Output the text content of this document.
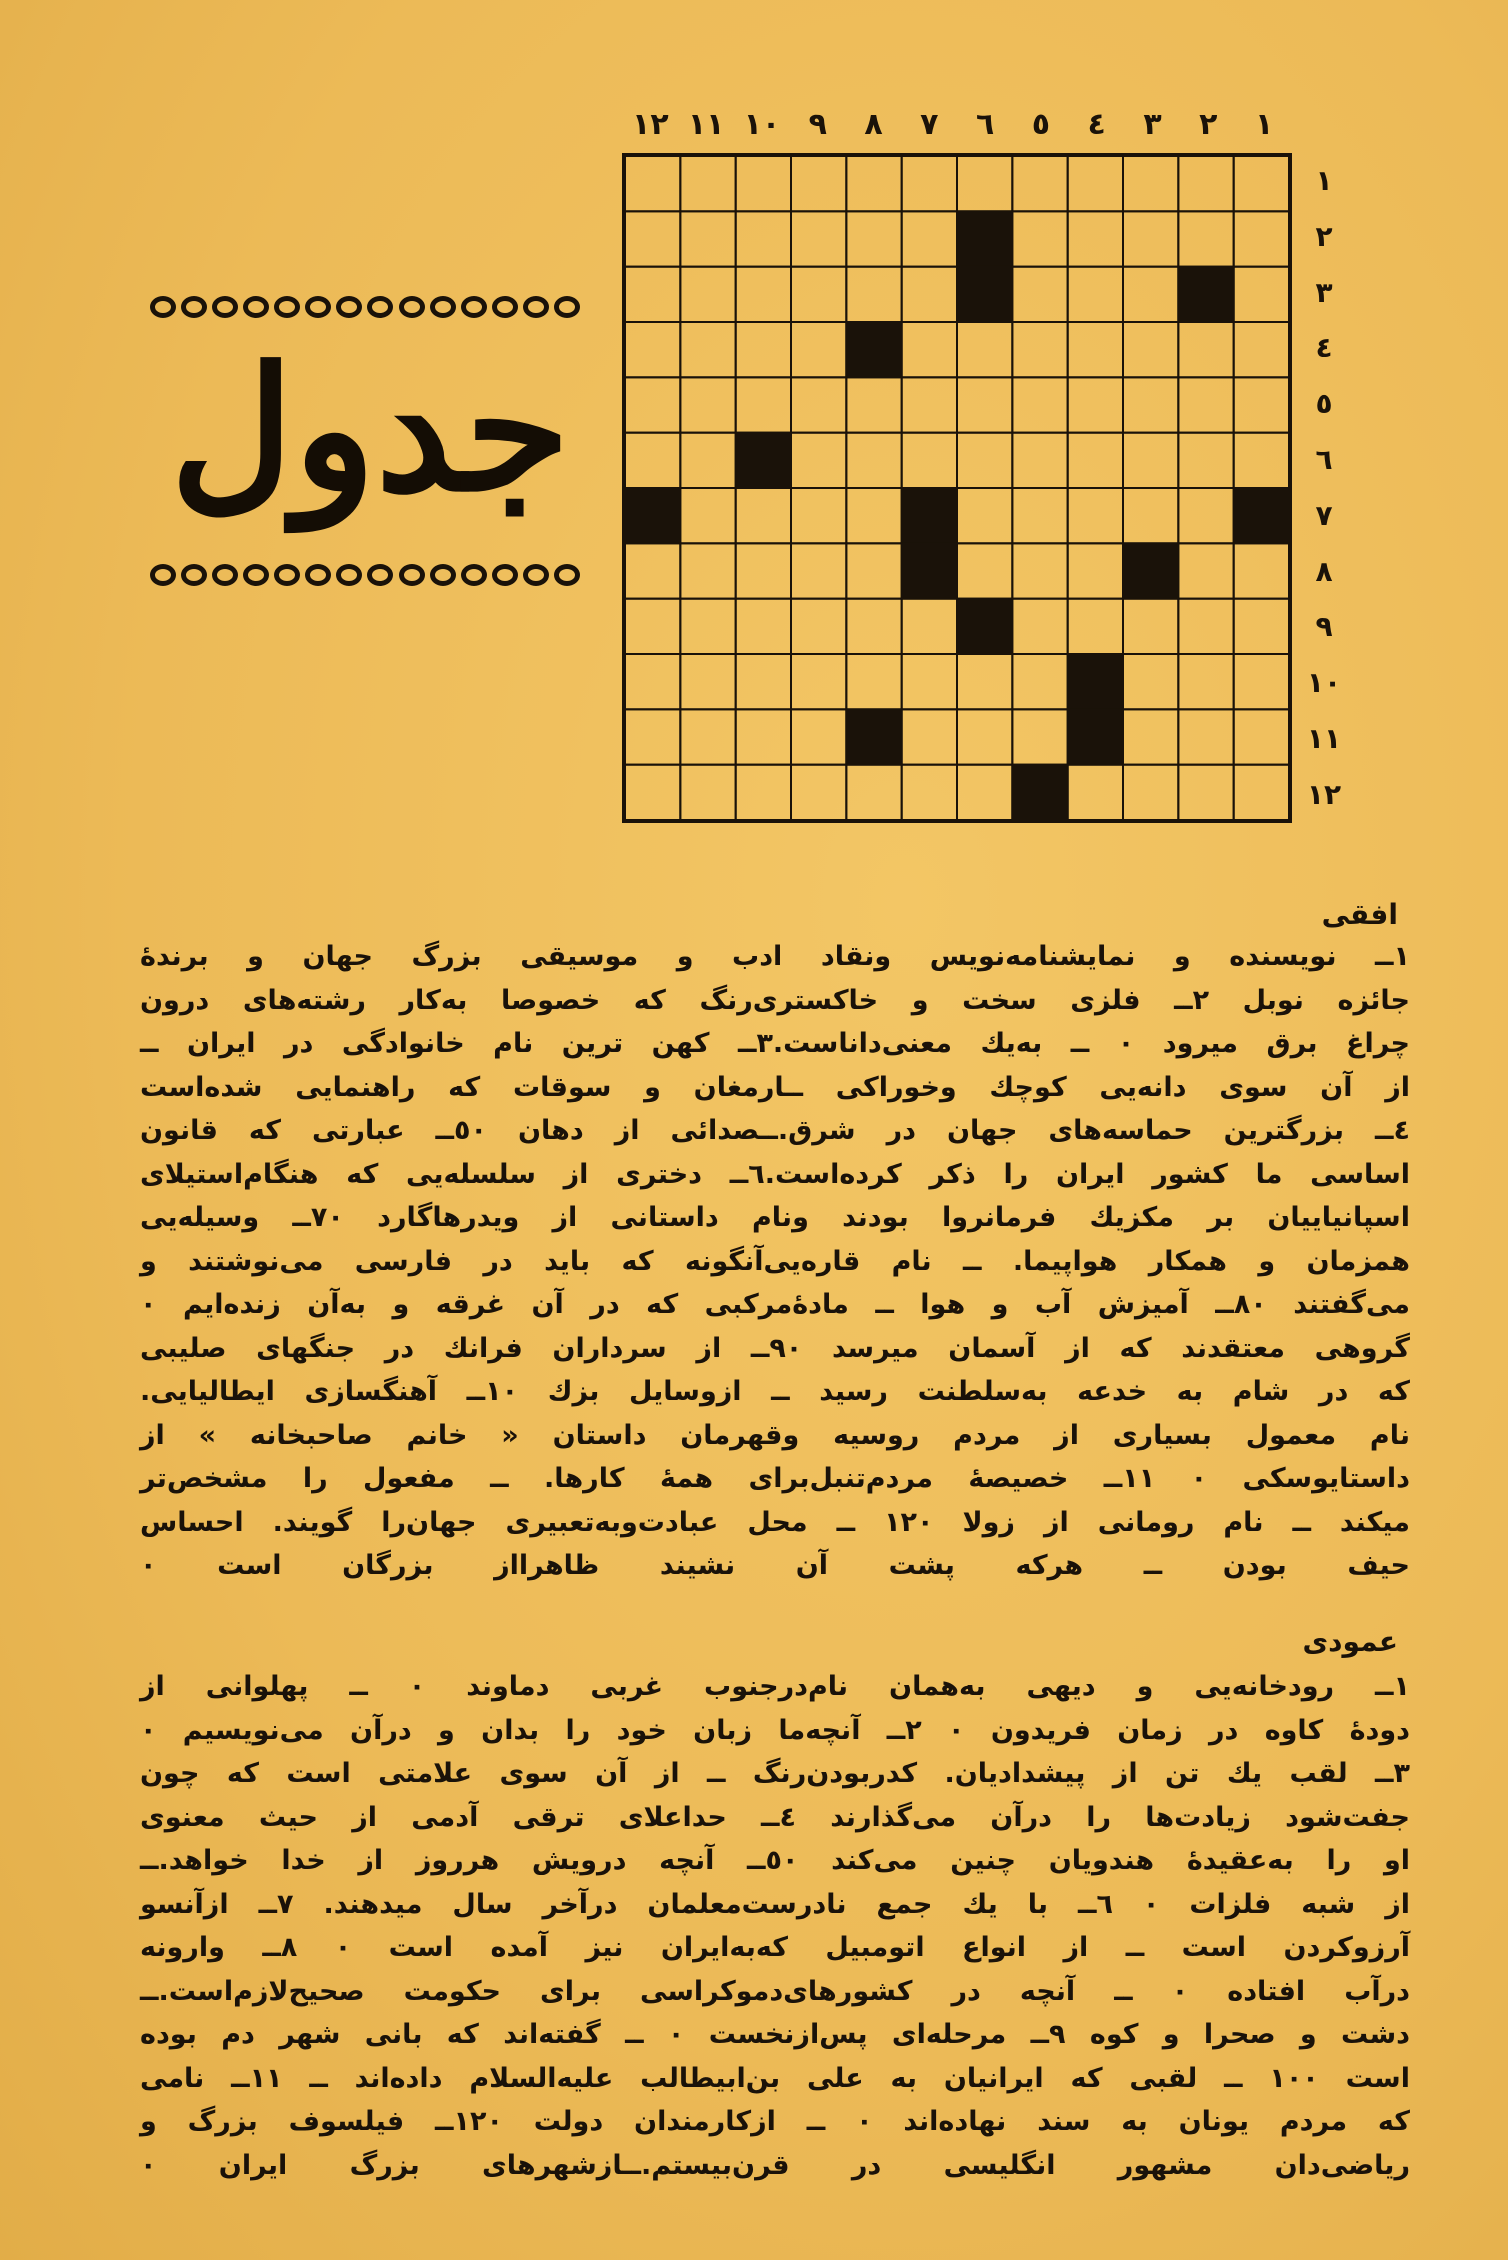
جدول
١
٢
٣
٤
٥
٦
٧
٨
٩
١٠
١١
١٢
١
٢
٣
٤
٥
٦
٧
٨
٩
١٠
١١
١٢
افقی

١ــ نویسنده و نمایشنامه‌نویس ونقاد ادب و موسیقی بزرگ جهان و برندهٔ

جائزه نوبل ٢ــ فلزی سخت و خاکستری‌رنگ که خصوصا به‌کار رشته‌های درون

چراغ برق میرود ٠ ــ به‌یك معنی‌داناست.٣ــ کهن ترین نام خانوادگی در ایران ــ

از آن سوی دانه‌یی کوچك وخوراکی ــارمغان و سوقات که راهنمایی شده‌است

٤ــ بزرگترین حماسه‌های جهان در شرق.ــصدائی از دهان ٥٠ــ عبارتی که قانون

اساسی ما کشور ایران را ذکر کرده‌است.٦ــ دختری از سلسله‌یی که هنگام‌استیلای

اسپانیاییان بر مکزیك فرمانروا بودند ونام داستانی از ویدرهاگارد ٧٠ــ وسیله‌یی

همزمان و همکار هواپیما. ــ نام قاره‌یی‌آنگونه که باید در فارسی می‌نوشتند و

می‌گفتند ٨٠ــ آمیزش آب و هوا ــ مادهٔ‌مرکبی که در آن غرقه و به‌آن زنده‌ایم ٠

گروهی معتقدند که از آسمان میرسد ٩٠ــ از سرداران فرانك در جنگهای صلیبی

که در شام به خدعه به‌سلطنت رسید ــ ازوسایل بزك ١٠ــ آهنگسازی ایطالیایی.

نام معمول بسیاری از مردم روسیه وقهرمان داستان « خانم صاحبخانه » از

داستایوسکی ٠ ١١ــ خصیصهٔ مردم‌تنبل‌برای همهٔ کارها. ــ مفعول را مشخص‌تر

میکند ــ نام رومانی از زولا ١٢٠ ــ محل عبادت‌وبه‌تعبیری جهان‌را گویند. احساس

حیف بودن ــ هرکه پشت آن نشیند ظاهرااز بزرگان است ٠

عمودی

١ــ رودخانه‌یی و دیهی به‌همان نام‌درجنوب غربی دماوند ٠ ــ پهلوانی از

دودهٔ کاوه در زمان فریدون ٠ ٢ــ آنچه‌ما زبان خود را بدان و درآن می‌نویسیم ٠

٣ــ لقب یك تن از پیشدادیان. کدربودن‌رنگ ــ از آن سوی علامتی است که چون

جفت‌شود زیادت‌ها را درآن می‌گذارند ٤ــ حداعلای ترقی آدمی از حیث معنوی

او را به‌عقیدهٔ هندویان چنین می‌کند ٥٠ــ آنچه درویش هرروز از خدا خواهد.ــ

از شبه فلزات ٠ ٦ــ با یك جمع نادرست‌معلمان درآخر سال میدهند. ٧ــ ازآنسو

آرزوکردن است ــ از انواع اتومبیل که‌به‌ایران نیز آمده است ٠ ٨ــ وارونه

درآب افتاده ٠ ــ آنچه در کشورهای‌دموکراسی برای حکومت صحیح‌لازم‌است.ــ

دشت و صحرا و کوه ٩ــ مرحله‌ای پس‌ازنخست ٠ ــ گفته‌اند که بانی شهر دم بوده

است ١٠٠ ــ لقبی که ایرانیان به علی بن‌ابیطالب علیه‌السلام داده‌اند ــ ١١ــ نامی

که مردم یونان به سند نهاده‌اند ٠ ــ ازکارمندان دولت ١٢٠ــ فیلسوف بزرگ و

ریاضی‌دان مشهور انگلیسی در قرن‌بیستم.ــازشهرهای بزرگ ایران ٠
